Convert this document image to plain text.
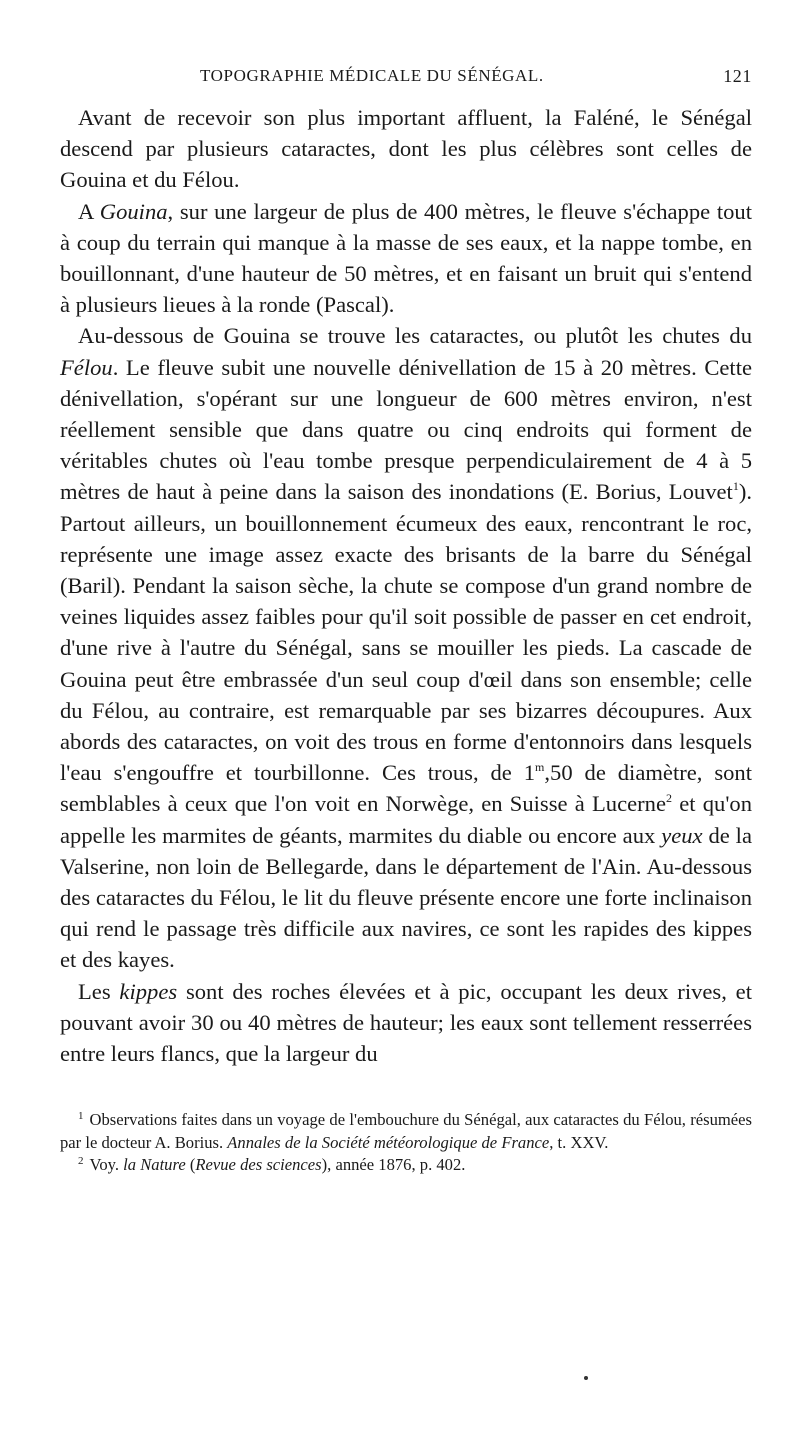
TOPOGRAPHIE MÉDICALE DU SÉNÉGAL.	121

Avant de recevoir son plus important affluent, la Faléné, le Sénégal descend par plusieurs cataractes, dont les plus célèbres sont celles de Gouina et du Félou.

A Gouina, sur une largeur de plus de 400 mètres, le fleuve s'échappe tout à coup du terrain qui manque à la masse de ses eaux, et la nappe tombe, en bouillonnant, d'une hauteur de 50 mètres, et en faisant un bruit qui s'entend à plusieurs lieues à la ronde (Pascal).

Au-dessous de Gouina se trouve les cataractes, ou plutôt les chutes du Félou. Le fleuve subit une nouvelle dénivellation de 15 à 20 mètres. Cette dénivellation, s'opérant sur une longueur de 600 mètres environ, n'est réellement sensible que dans quatre ou cinq endroits qui forment de véritables chutes où l'eau tombe presque perpendiculairement de 4 à 5 mètres de haut à peine dans la saison des inondations (E. Borius, Louvet$^1$). Partout ailleurs, un bouillonnement écumeux des eaux, rencontrant le roc, représente une image assez exacte des brisants de la barre du Sénégal (Baril). Pendant la saison sèche, la chute se compose d'un grand nombre de veines liquides assez faibles pour qu'il soit possible de passer en cet endroit, d'une rive à l'autre du Sénégal, sans se mouiller les pieds. La cascade de Gouina peut être embrassée d'un seul coup d'œil dans son ensemble; celle du Félou, au contraire, est remarquable par ses bizarres découpures. Aux abords des cataractes, on voit des trous en forme d'entonnoirs dans lesquels l'eau s'engouffre et tourbillonne. Ces trous, de 1$^m$,50 de diamètre, sont semblables à ceux que l'on voit en Norwège, en Suisse à Lucerne$^2$ et qu'on appelle les marmites de géants, marmites du diable ou encore aux yeux de la Valserine, non loin de Bellegarde, dans le département de l'Ain. Au-dessous des cataractes du Félou, le lit du fleuve présente encore une forte inclinaison qui rend le passage très difficile aux navires, ce sont les rapides des kippes et des kayes.

Les kippes sont des roches élevées et à pic, occupant les deux rives, et pouvant avoir 30 ou 40 mètres de hauteur; les eaux sont tellement resserrées entre leurs flancs, que la largeur du

$^1$ Observations faites dans un voyage de l'embouchure du Sénégal, aux cataractes du Félou, résumées par le docteur A. Borius. Annales de la Société météorologique de France, t. XXV.

$^2$ Voy. la Nature (Revue des sciences), année 1876, p. 402.
